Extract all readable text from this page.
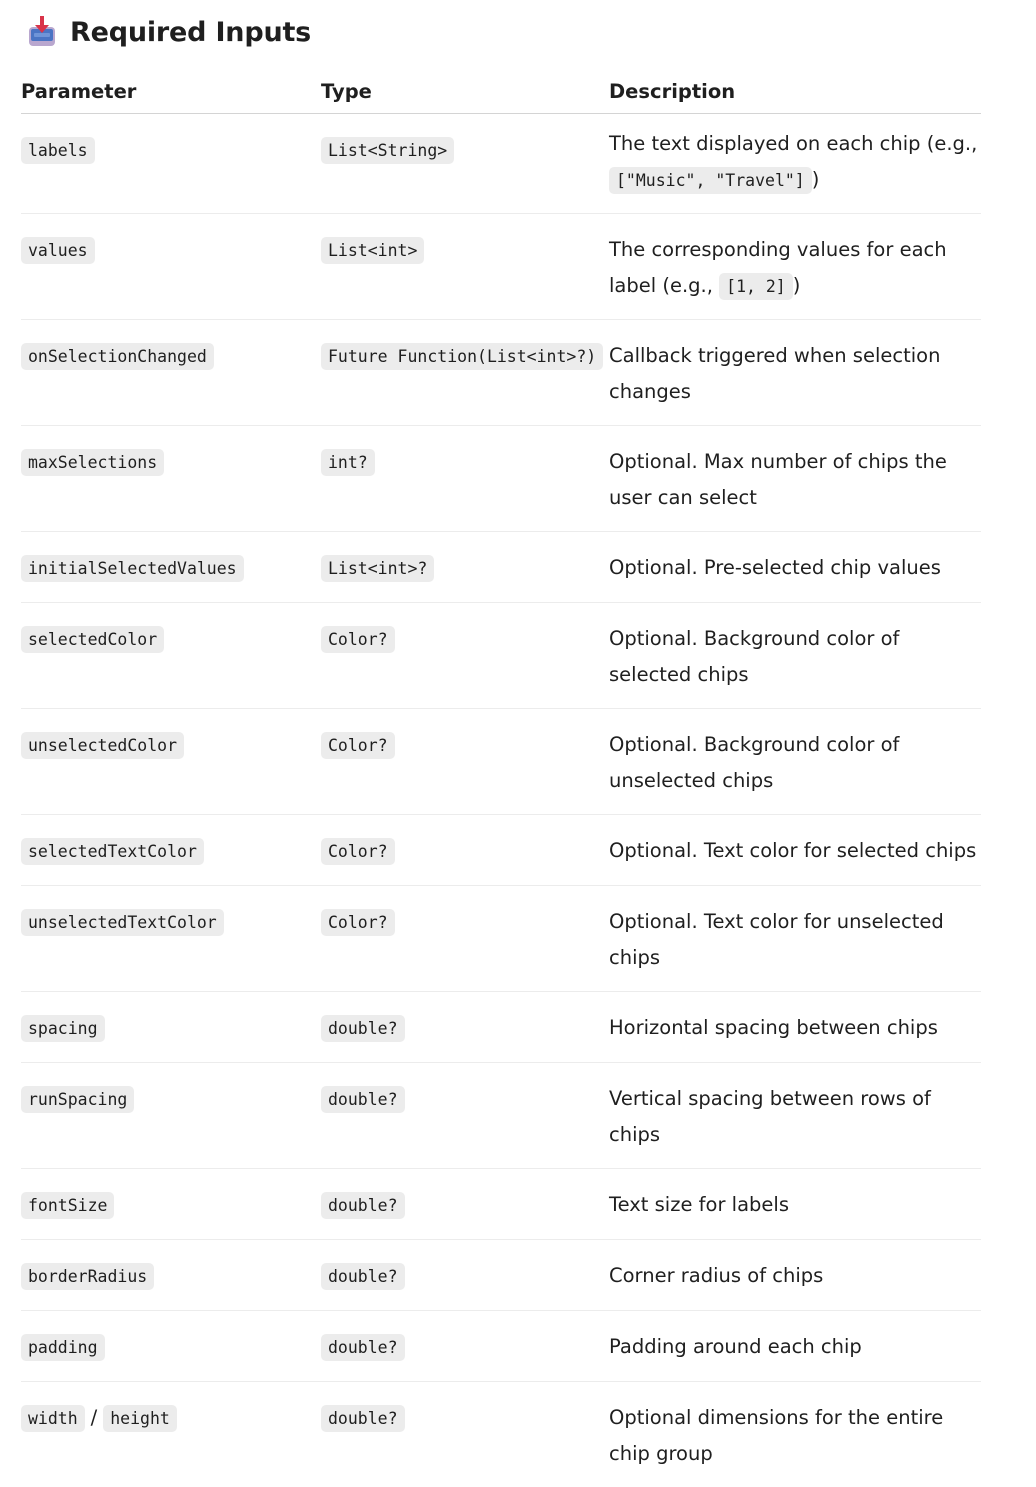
Required Inputs
Parameter	Type	Description

labels	List<String>	The text displayed on each chip (e.g.,
["Music", "Travel"] )

values	List<int>	The corresponding values for each label (e.g., [1, 2] )

onSelectionChanged	Future Function(List<int>?)	Callback triggered when selection changes

maxSelections	int?	Optional. Max number of chips the user can select

initialSelectedValues	List<int>?	Optional. Pre-selected chip values

selectedColor	Color?	Optional. Background color of selected chips

unselectedColor	Color?	Optional. Background color of unselected chips

selectedTextColor	Color?	Optional. Text color for selected chips

unselectedTextColor	Color?	Optional. Text color for unselected chips

spacing	double?	Horizontal spacing between chips

runSpacing	double?	Vertical spacing between rows of chips

fontSize	double?	Text size for labels

borderRadius	double?	Corner radius of chips

padding	double?	Padding around each chip

width / height	double?	Optional dimensions for the entire chip group
